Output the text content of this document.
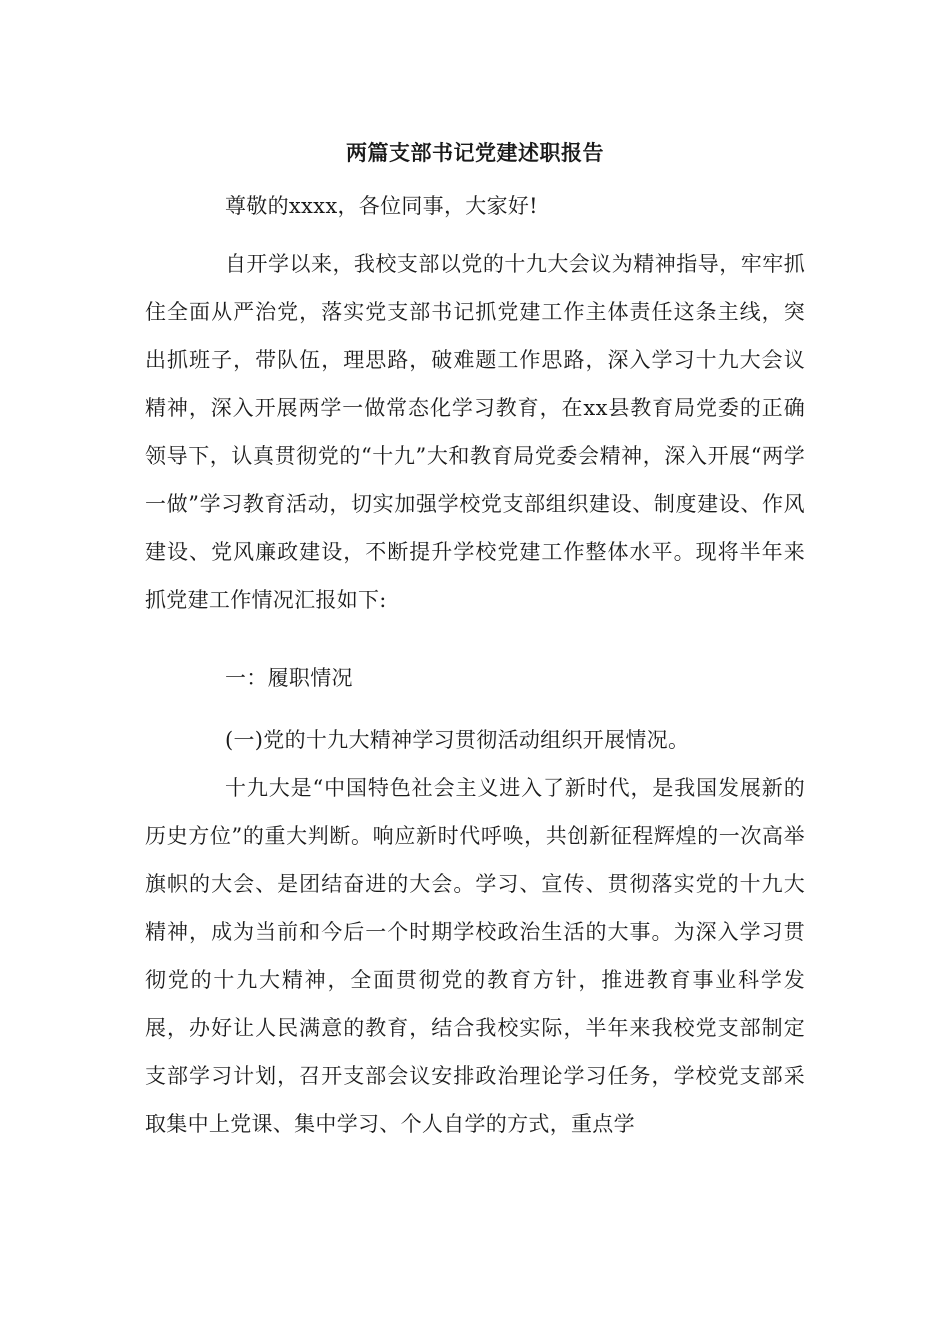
两篇支部书记党建述职报告

尊敬的xxxx，各位同事，大家好!

自开学以来，我校支部以党的十九大会议为精神指导，牢牢抓住全面从严治党，落实党支部书记抓党建工作主体责任这条主线，突出抓班子，带队伍，理思路，破难题工作思路，深入学习十九大会议精神，深入开展两学一做常态化学习教育，在xx县教育局党委的正确领导下，认真贯彻党的“十九”大和教育局党委会精神，深入开展“两学一做”学习教育活动，切实加强学校党支部组织建设、制度建设、作风建设、党风廉政建设，不断提升学校党建工作整体水平。现将半年来抓党建工作情况汇报如下:

一：履职情况

(一)党的十九大精神学习贯彻活动组织开展情况。

十九大是“中国特色社会主义进入了新时代，是我国发展新的历史方位”的重大判断。响应新时代呼唤，共创新征程辉煌的一次高举旗帜的大会、是团结奋进的大会。学习、宣传、贯彻落实党的十九大精神，成为当前和今后一个时期学校政治生活的大事。为深入学习贯彻党的十九大精神，全面贯彻党的教育方针，推进教育事业科学发展，办好让人民满意的教育，结合我校实际，半年来我校党支部制定支部学习计划，召开支部会议安排政治理论学习任务，学校党支部采取集中上党课、集中学习、个人自学的方式，重点学
